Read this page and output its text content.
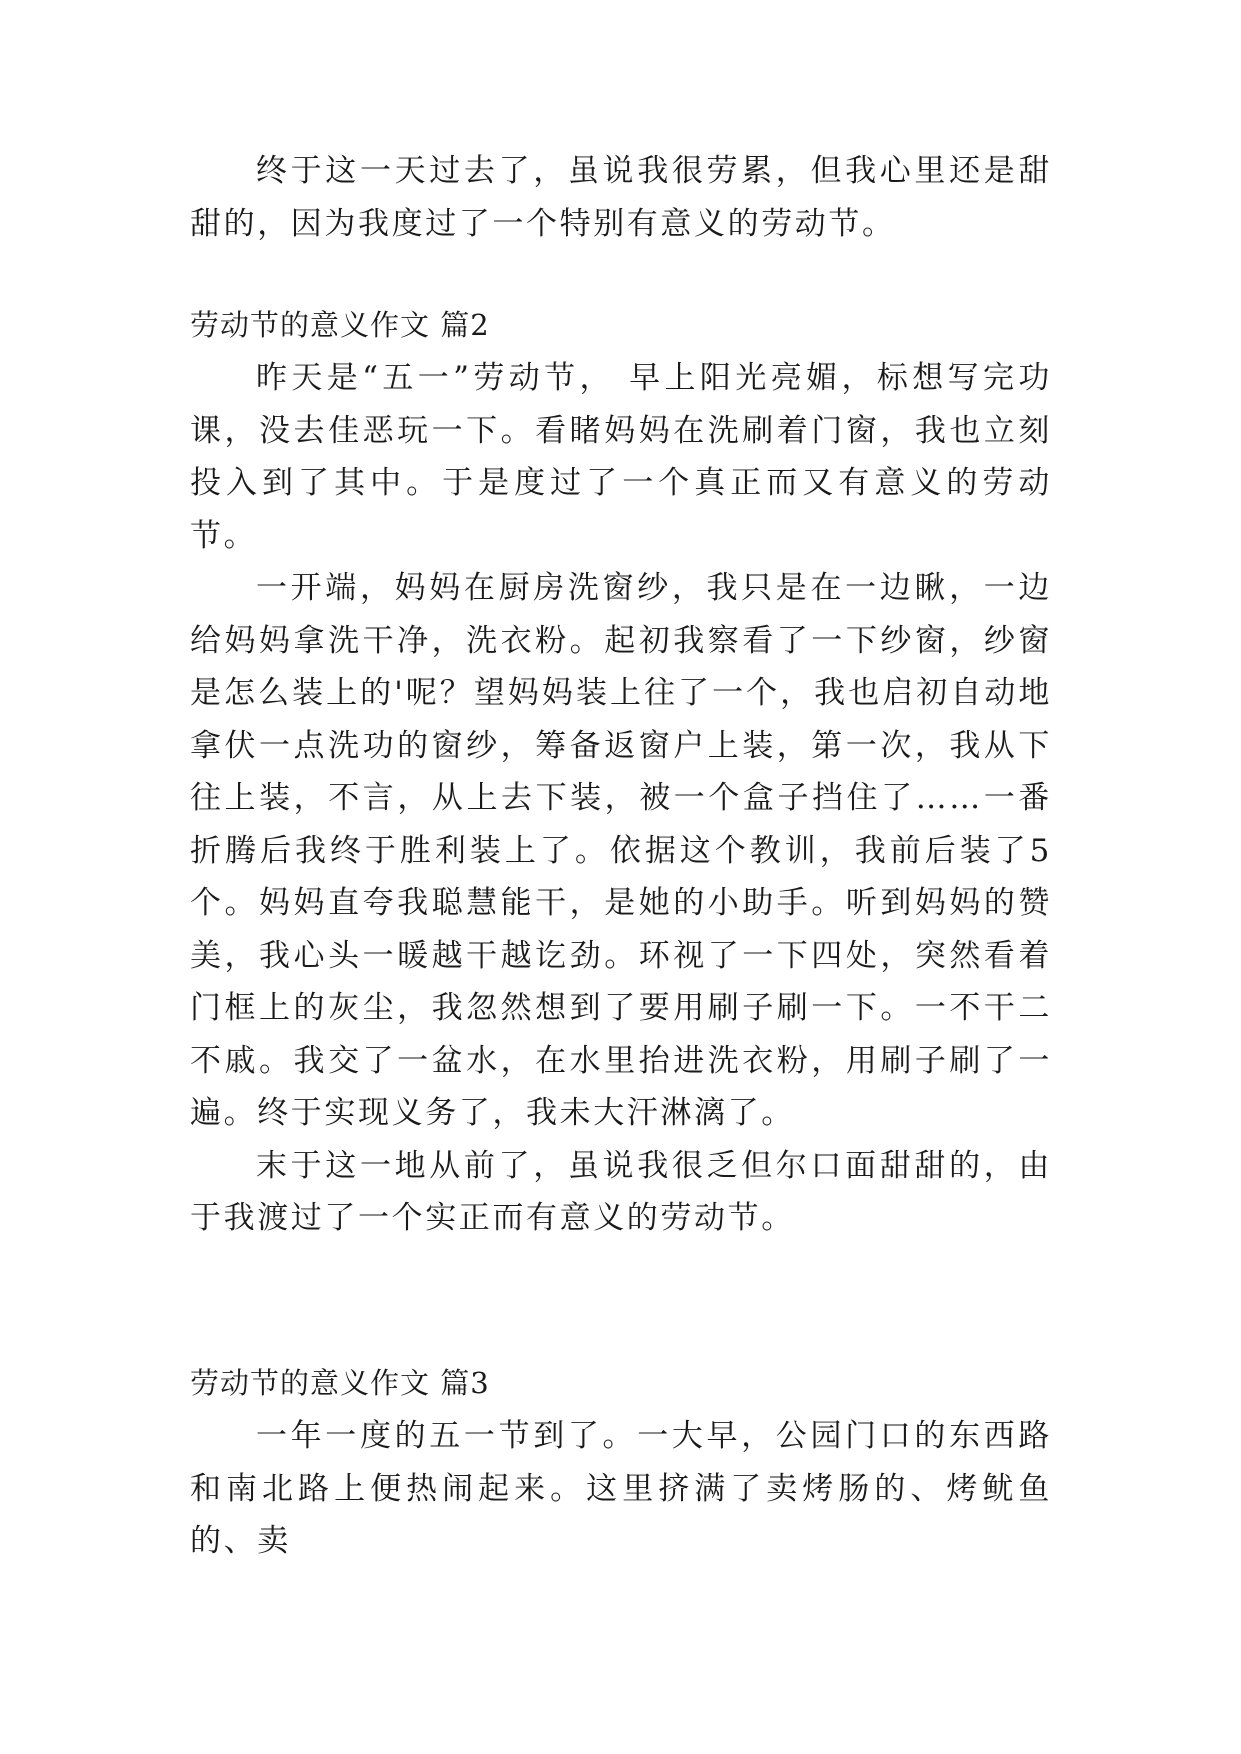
终于这一天过去了，虽说我很劳累，但我心里还是甜甜的，因为我度过了一个特别有意义的劳动节。

劳动节的意义作文 篇2

昨天是“五一”劳动节， 早上阳光亮媚，标想写完功课，没去佳恶玩一下。看睹妈妈在洗刷着门窗，我也立刻投入到了其中。于是度过了一个真正而又有意义的劳动节。

一开端，妈妈在厨房洗窗纱，我只是在一边瞅，一边给妈妈拿洗干净，洗衣粉。起初我察看了一下纱窗，纱窗是怎么装上的'呢？望妈妈装上往了一个，我也启初自动地拿伏一点洗功的窗纱，筹备返窗户上装，第一次，我从下往上装，不言，从上去下装，被一个盒子挡住了……一番折腾后我终于胜利装上了。依据这个教训，我前后装了5个。妈妈直夸我聪慧能干，是她的小助手。听到妈妈的赞美，我心头一暖越干越讫劲。环视了一下四处，突然看着门框上的灰尘，我忽然想到了要用刷子刷一下。一不干二不戚。我交了一盆水，在水里抬进洗衣粉，用刷子刷了一遍。终于实现义务了，我未大汗淋漓了。

末于这一地从前了，虽说我很乏但尔口面甜甜的，由于我渡过了一个实正而有意义的劳动节。

劳动节的意义作文 篇3

一年一度的五一节到了。一大早，公园门口的东西路和南北路上便热闹起来。这里挤满了卖烤肠的、烤鱿鱼的、卖
